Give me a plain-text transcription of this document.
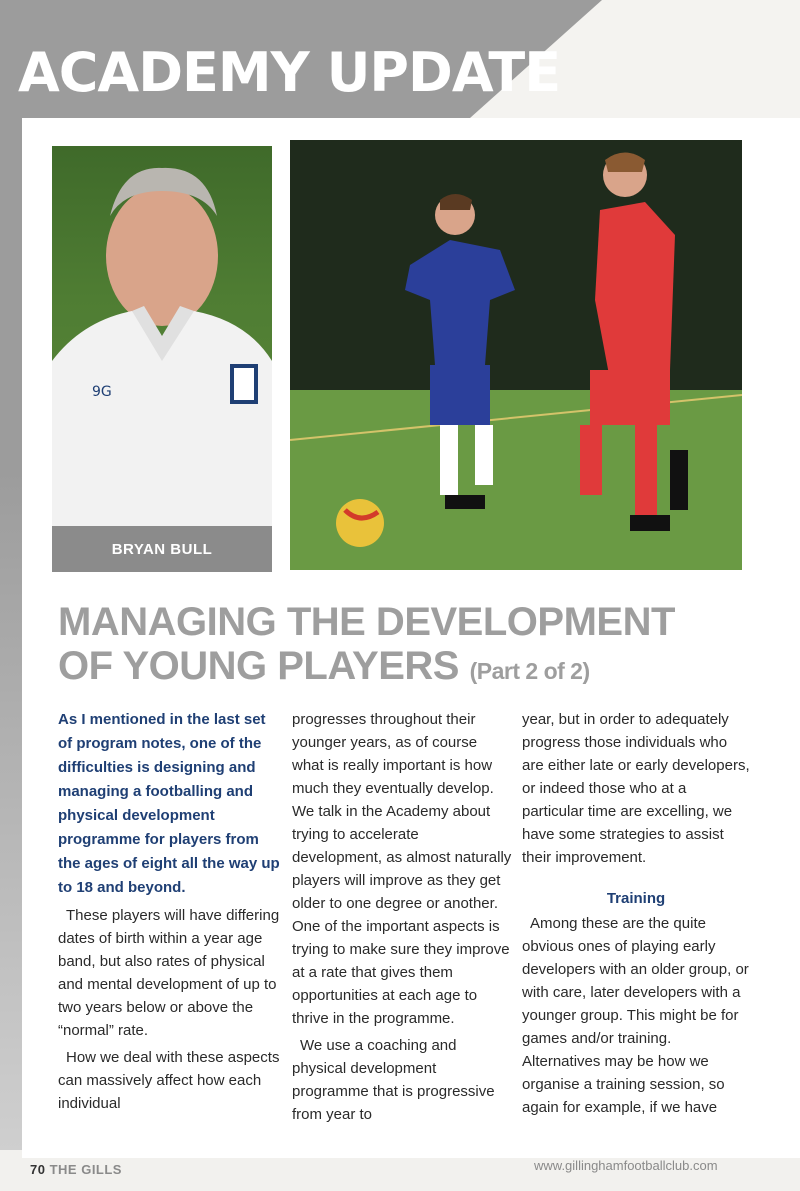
ACADEMY UPDATE
9G
BRYAN BULL
MANAGING THE DEVELOPMENT
OF YOUNG PLAYERS (Part 2 of 2)

As I mentioned in the last set of program notes, one of the difficulties is designing and managing a footballing and physical development programme for players from the ages of eight all the way up to 18 and beyond.

These players will have differing dates of birth within a year age band, but also rates of physical and mental development of up to two years below or above the “normal” rate.

How we deal with these aspects can massively affect how each individual

progresses throughout their younger years, as of course what is really important is how much they eventually develop. We talk in the Academy about trying to accelerate development, as almost naturally players will improve as they get older to one degree or another. One of the important aspects is trying to make sure they improve at a rate that gives them opportunities at each age to thrive in the programme.

We use a coaching and physical development programme that is progressive from year to

year, but in order to adequately progress those individuals who are either late or early developers, or indeed those who at a particular time are excelling, we have some strategies to assist their improvement.

Training

Among these are the quite obvious ones of playing early developers with an older group, or with care, later developers with a younger group. This might be for games and/or training. Alternatives may be how we organise a training session, so again for example, if we have

70 THE GILLS	www.gillinghamfootballclub.com
